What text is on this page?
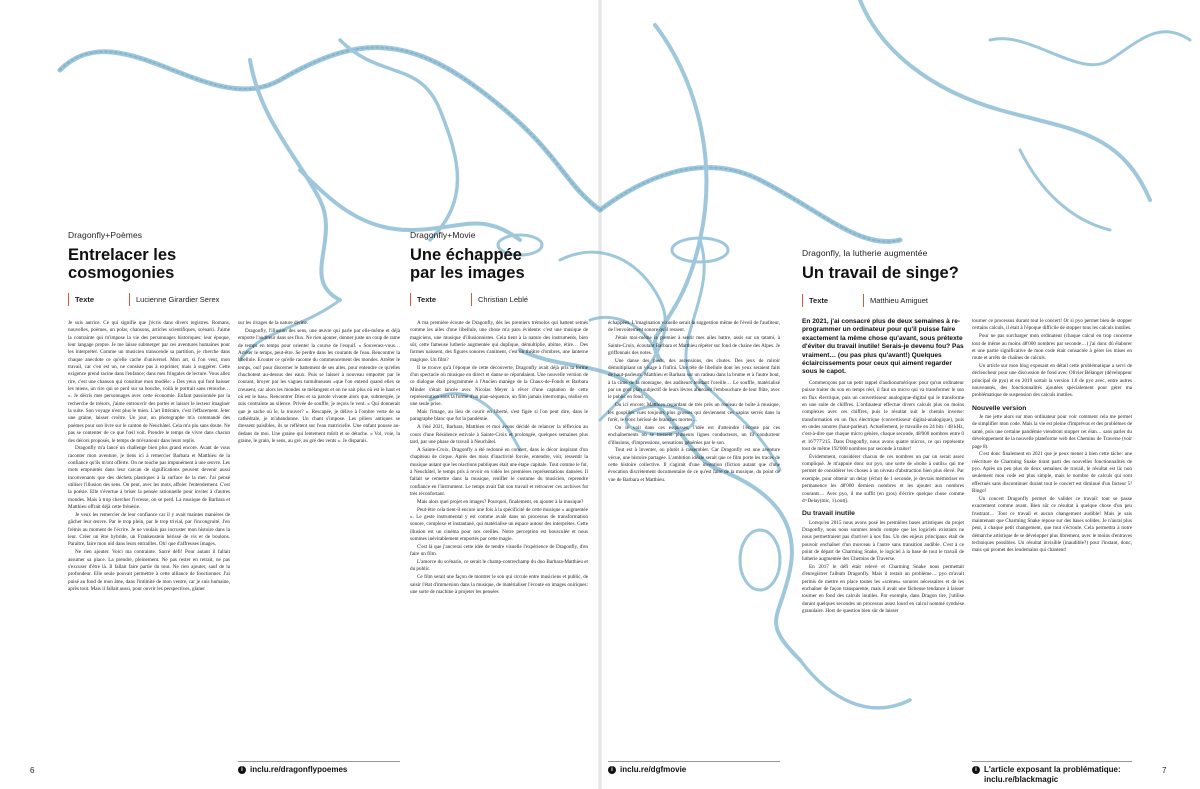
Dragonfly+Poèmes
Entrelacer les
cosmogonies
Texte	Lucienne Girardier Serex
Dragonfly+Movie
Une échappée
par les images
Texte	Christian Leblé
Dragonfly, la lutherie augmentée
Un travail de singe?
Texte	Matthieu Amiguet

Je suis autrice. Ce qui signifie que j'écris dans divers registres. Romans, nouvelles, poèmes, un polar, chansons, articles scientifiques, scénarii. J'aime la contrainte qui m'impose la vie des personnages historiques; leur époque, leur langage propre. Je me laisse submerger par ces aventures humaines pour les interpréter. Comme un musicien transcende sa partition, je cherche dans chaque anecdote ce qu'elle cache d'universel. Mon art, si l'on veut, mon travail, car c'en est un, ne consiste pas à exprimer, mais à suggérer. Cette exigence prend racine dans l'enfance; dans mes fringales de lecture. Vous allez rire, c'est une chanson qui constitue mon modèle: « Des yeux qui font baisser les miens, un rire qui se perd sur sa bouche, voilà le portrait sans retouche… ». Je décris mes personnages avec cette économie. Enfant passionnée par la recherche de trésors, j'aime entrouvrir des portes et laisser le lecteur imaginer la suite. Son voyage n'est plus le mien. L'art littéraire, c'est l'effacement. Jeter une graine, laisser croître. Un jour, un photographe m'a commandé des poèmes pour son livre sur le canton de Neuchâtel. Cela m'a plu sans doute. Ne pas se contenter de ce que l'œil voit. Prendre le temps de vivre dans chacun des décors proposés, le temps de m'évanouir dans leurs replis.

Dragonfly m'a lancé un challenge bien plus grand encore. Avant de vous raconter mon aventure, je tiens ici à remercier Barbara et Matthieu de la confiance qu'ils m'ont offerte. On ne touche pas impunément à une œuvre. Les mots empruntés dans leur carcan de significations peuvent devenir aussi inconvenants que des déchets plastiques à la surface de la mer. J'ai pensé utiliser l'illusion des sens. On peut, avec les mots, affoler l'entendement. C'est la poésie. Elle s'évertue à briser la pensée rationnelle pour inviter à d'autres mondes. Mais à trop chercher l'ivresse, on se perd. La musique de Barbara et Matthieu offrait déjà cette frénésie.

Je veux les remercier de leur confiance car il y avait maintes manières de gâcher leur œuvre. Par le trop plein, par le trop trivial, par l'incongruité. J'en frémis au moment de l'écrire. Je ne voulais pas incruster mon histoire dans la leur. Créer un être hybride, un Frankenstein hérissé de vis et de boulons. Paraître, faire mon nid dans leurs entrailles. Oh! que d'affreuses images.

Ne rien ajouter. Voici ma contrainte. Sacré défi! Pour autant il fallait assumer sa place. La prendre, pleinement. Ne pas rester en retrait, ne pas s'excuser d'être là. Il fallait faire partie du tout. Ne rien ajouter, sauf de la profondeur. Elle seule pouvait permettre à cette alliance de fonctionner. J'ai puisé au fond de mon âme, dans l'intimité de mon ventre, car je suis humaine, après tout. Mais il fallait aussi, pour ouvrir les perspectives, glaner

sur les rivages de la nature divine.

Dragonfly, l'illusion des sens, une œuvre qui parle par elle-même et déjà emporte l'auditeur dans ses flux. Ne rien ajouter, donner juste un coup de rame de temps en temps pour orienter la course de l'esquif. « Souvenez-vous… Arrêter le temps, peut-être. Se perdre dans les courants de l'eau. Rencontrer la libellule. Ecouter ce qu'elle raconte du commencement des mondes. Arrêter le temps, oui! pour discerner le battement de ses ailes, pour entendre ce qu'elles chuchotent au-dessus des eaux. Puis se laisser à nouveau emporter par le courant, broyer par les vagues tumultueuses «que l'on entend quand elles se creusent, car alors les mondes se mélangent et on ne sait plus où est le haut et où est le bas». Rencontrer Dieu et sa parole vivante alors que, submergée, je suis contrainte au silence. Privée de souffle, je reçois le vent. « Qui donnerait que je sache où le, la trouver? ». Rescapée, je délive à l'ombre verte de sa cathédrale, je m'abandonne. Un chant s'impose. Les piliers antiques se dressent paisibles, ils se reflètent sur l'eau matricielle. Une enfant pousse au-dedans de moi. Une graine qui lentement mûrit et se détache. « Vol, voie, la graine, le grain, le sens, au gré, au gré des vents ». Je disparais.

A ma première écoute de Dragonfly, dès les premiers trémolos qui battent semés comme les ailes d'une libellule, une chose m'a paru évidente: c'est une musique de magiciens, une musique d'illusionnistes. Cela tient à la nature des instruments, bien sûr, cette fameuse lutherie augmentée qui duplique, démultiplie, abîme, étire… Des formes naissent, des figures sonores s'animent, c'est un théâtre d'ombres, une lanterne magique. Un film?

Il se trouve qu'à l'époque de cette découverte, Dragonfly avait déjà pris la forme d'un spectacle où musique en direct et danse se répondaient. Une nouvelle version de ce dialogue était programmée à l'Ancien manège de la Chaux-de-Fonds et Barbara Minder s'était lancée avec Nicolas Meyer à rêver d'une captation de cette représentation sous la forme d'un plan-séquence, un film jamais interrompu, réalisé en une seule prise.

Mais l'image, au lieu de courir en liberté, s'est figée si l'on peut dire, dans le paragraphe blanc que fut la pandémie.

A l'été 2021, Barbara, Matthieu et moi avons décidé de relancer la réflexion au cours d'une Résidence estivale à Sainte-Croix et prolongée, quelques semaines plus tard, par une phase de travail à Neuchâtel.

A Sainte-Croix, Dragonfly a été redonné en concert, dans le décor inspirant d'un chapiteau de cirque. Après des mois d'inactivité forcée, entendre, voir, ressentir la musique autant que les réactions publiques était une étape capitale. Tout comme le fut, à Neuchâtel, le temps pris à revoir en vidéo les premières représentations dansées. Il fallait se remettre dans la musique, renifler le costume du musicien, reprendre confiance en l'instrument. Le temps avait fait son travail et retrouver ces archives fut très réconfortant.

Mais alors quel projet en images? Pourquoi, finalement, en ajouter à la musique?

Peut-être cela tient-il encore une fois à la spécificité de cette musique « augmentée ». Le geste instrumental y est comme avalé dans un processus de transformation sonore, complexe et instantané, qui matérialise un espace autour des interprètes. Cette illusion est un cinéma pour nos oreilles. Notre perception est bousculée et nous sommes inévitablement emportés par cette magie.

C'est là que j'ancrerai cette idée de tendre visuelle l'expérience de Dragonfly, d'en faire un film.

L'amorce du scénario, ce serait le champ-contrechamp du duo Barbara-Matthieu et du public.

Ce film serait une façon de montrer le son qui circule entre musiciens et public, de saisir l'état d'immersion dans la musique, de matérialiser l'écoute en images oniriques: une sorte de machine à projeter les pensées

échappées. L'imagination visuelle serait la suggestion même de l'éveil de l'auditeur, de l'envoûtement sonore qu'il ressent.

J'étais moi-même le premier à sentir mes ailes battre, assis sur un tatami, à Sainte-Croix, écoutant Barbara et Matthieu répéter sur fond de chaîne des Alpes. Je griffonnais des notes.

Une danse des pieds, des ascensions, des chutes. Des jeux de miroir démultipliant un visage à l'infini. Une tête de libellule dont les yeux seraient faits de haut-parleurs. Matthieu et Barbara sur un radeau dans la brume et à l'autre bout, à la cime de la montagne, des auditeurs tendant l'oreille… Le souffle, matérialisé par un gros plan subjectif de leurs lèvres abordant l'embouchure de leur flûte, avec le public en fond…

Ou ici encore: Matthieu regardant de très près un rouleau de boîte à musique, les goupilles vues toujours plus grosses qui deviennent ces sapins serrés dans la forêt, le tronc hérissé de branches mortes…

On le voit dans ces esquisses, l'idée est d'atteindre l'écoute par ces enchaînements où se tressent plusieurs lignes conducteurs, un fil conducteur d'illusions, d'impressions, sensations générées par le son.

Tout est à inventer, ou plutôt à rassembler. Car Dragonfly est une aventure vécue, une histoire partagée. L'ambition idéale serait que ce film porte les traces de cette histoire collective. Il s'agirait d'une invention (fiction autant que d'une évocation discrètement documentaire de ce qu'est faire de la musique, du point de vue de Barbara et Matthieu.

En 2021, j'ai consacré plus de deux semaines à re-programmer un ordinateur pour qu'il puisse faire exactement la même chose qu'avant, sous prétexte d'éviter du travail inutile! Serais-je devenu fou? Pas vraiment… (ou pas plus qu'avant!) Quelques éclaircissements pour ceux qui aiment regarder sous le capot.

Commençons par un petit rappel d'audionumérique: pour qu'un ordinateur puisse traiter du son en temps réel, il faut un micro qui va transformer le son en flux électrique, puis un convertisseur analogique-digital qui le transforme en une suite de chiffres. L'ordinateur effectue divers calculs plus ou moins complexes avec ces chiffres, puis le résultat suit le chemin inverse: transformation en un flux électrique (convertisseur digital-analogique), puis en ondes sonores (haut-parleur). Actuellement, je travaille en 24 bits / 48 kHz, c'est-à-dire que chaque micro génère, chaque seconde, 48'000 nombres entre 0 et 16'777'215. Dans Dragonfly, nous avons quatre micros, ce qui représente tout de même 192'000 nombres par seconde à traiter!

Évidemment, considérer chacun de ces nombres un par un serait assez compliqué. Je m'appuie donc sur pyo, une sorte de «boîte à outils» qui me permet de considérer les choses à un niveau d'abstraction bien plus élevé. Par exemple, pour obtenir un delay (écho) de 1 seconde, je devrais mémoriser en permanence les 48'000 derniers nombres et les ajouter aux nombres courants… Avec pyo, il me suffit (en gros) d'écrire quelque chose comme d=Delay(mic, 1).out().

Du travail inutile

Lorsqu'en 2015 nous avons posé les premières bases artistiques du projet Dragonfly, nous nous sommes tendu compte que les logiciels existants ne nous permettraient pas d'arriver à nos fins. Un des enjeux principaux était de pouvoir enchaîner d'un morceau à l'autre sans transition audible. C'est à ce point de départ de Charming Snake, le logiciel à la base de tout le travail de lutherie augmentée des Chemins de Traverse.

En 2017 le défi était relevé et Charming Snake nous permettait d'enregistrer l'album Dragonfly. Mais il restait un problème… pyo m'avait permis de mettre en place toutes les «scènes» sonores nécessaires et de les enchaîner de façon transparente, mais il avait une fâcheuse tendance à laisser tourner en fond des calculs inutiles. Par exemple, dans Dragon tire, j'utilise durant quelques secondes un processus assez lourd en calcul nommé synthèse granulaire. Hors de question bien sûr de laisser

tourner ce processus durant tout le concert! Or si pyo permet bien de stopper certains calculs, il était à l'époque difficile de stopper tous les calculs inutiles.

Pour ne pas surcharger mon ordinateur (chaque calcul en trop concerne tout de même au moins 48'000 nombres par seconde…) j'ai donc dû élaborer et une partie significative de mon code était consacrée à gérer les mises en route et arrêts de chaînes de calculs.

Un article sur mon blog exposant en détail cette problématique a servi de déclencheur pour une discussion de fond avec Olivier Bélanger (développeur principal de pyo) et en 2019 sortait la version 1.0 de pyo avec, entre autres nouveautés, des fonctionnalités ajoutées spécialement pour gérer ma problématique de suspension des calculs inutiles.

Nouvelle version

Je me jette alors sur mon ordinateur pour voir comment cela me permet de simplifier mon code. Mais la vie est pleine d'imprévus et des problèmes de santé, puis une certaine pandémie viendront stopper cet élan… sans parler du développement de la nouvelle plateforme web des Chemins de Traverse (voir page 8).

C'est donc finalement en 2021 que je peux mener à bien cette tâche: une réécriture de Charming Snake tirant parti des nouvelles fonctionnalités de pyo. Après un peu plus de deux semaines de travail, le résultat est là: non seulement mon code est plus simple, mais le nombre de calculs qui sont effectués sans discontinuer durant tout le concert est diminué d'un facteur 5! Bingo!

Un concert Dragonfly permet de valider ce travail: tout se passe exactement comme avant. Bien sûr ce résultat à quelque chose d'un peu frustrant… Tout ce travail et aucun changement audible! Mais je sais maintenant que Charming Snake repose sur des bases solides. Je n'aurai plus peur, à chaque petit changement, que tout s'écroule. Cela permettra à notre démarche artistique de se développer plus librement, avec le moins d'entraves techniques possibles. Un résultat invisible (inaudible?) pour l'instant, donc, mais qui promet des lendemains qui chantent!

6	7
i inclu.re/dragonflypoemes	i inclu.re/dgfmovie	i L'article exposant la problématique:
inclu.re/blackmagic
